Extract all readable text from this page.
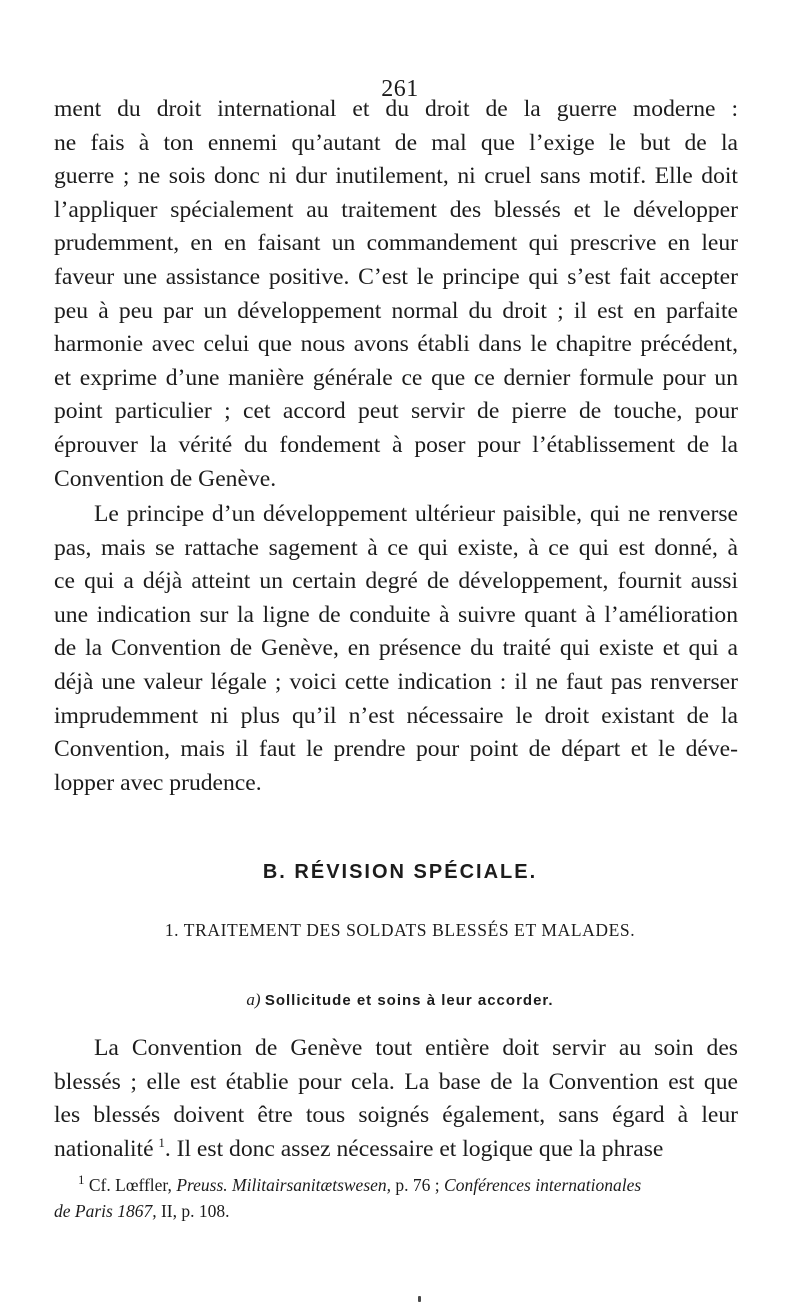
261
ment du droit international et du droit de la guerre moderne :
ne fais à ton ennemi qu’autant de mal que l’exige le but de la
guerre ; ne sois donc ni dur inutilement, ni cruel sans motif. Elle doit
l’appliquer spécialement au traitement des blessés et le développer
prudemment, en en faisant un commandement qui prescrive en leur
faveur une assistance positive. C’est le principe qui s’est fait accepter
peu à peu par un développement normal du droit ; il est en parfaite
harmonie avec celui que nous avons établi dans le chapitre précédent,
et exprime d’une manière générale ce que ce dernier formule pour un
point particulier ; cet accord peut servir de pierre de touche, pour
éprouver la vérité du fondement à poser pour l’établissement de la
Convention de Genève.
Le principe d’un développement ultérieur paisible, qui ne renverse
pas, mais se rattache sagement à ce qui existe, à ce qui est donné, à
ce qui a déjà atteint un certain degré de développement, fournit aussi
une indication sur la ligne de conduite à suivre quant à l’amélioration
de la Convention de Genève, en présence du traité qui existe et qui a
déjà une valeur légale ; voici cette indication : il ne faut pas renverser
imprudemment ni plus qu’il n’est nécessaire le droit existant de la
Convention, mais il faut le prendre pour point de départ et le déve-
lopper avec prudence.
B. RÉVISION SPÉCIALE.
1. TRAITEMENT DES SOLDATS BLESSÉS ET MALADES.
a) Sollicitude et soins à leur accorder.
La Convention de Genève tout entière doit servir au soin des
blessés ; elle est établie pour cela. La base de la Convention est que
les blessés doivent être tous soignés également, sans égard à leur
nationalité  $^1$. Il est donc assez nécessaire et logique que la phrase
$^1$ Cf. Lœffler, Preuss. Militairsanitætswesen, p. 76 ; Conférences internationales
de Paris 1867, II, p. 108.
